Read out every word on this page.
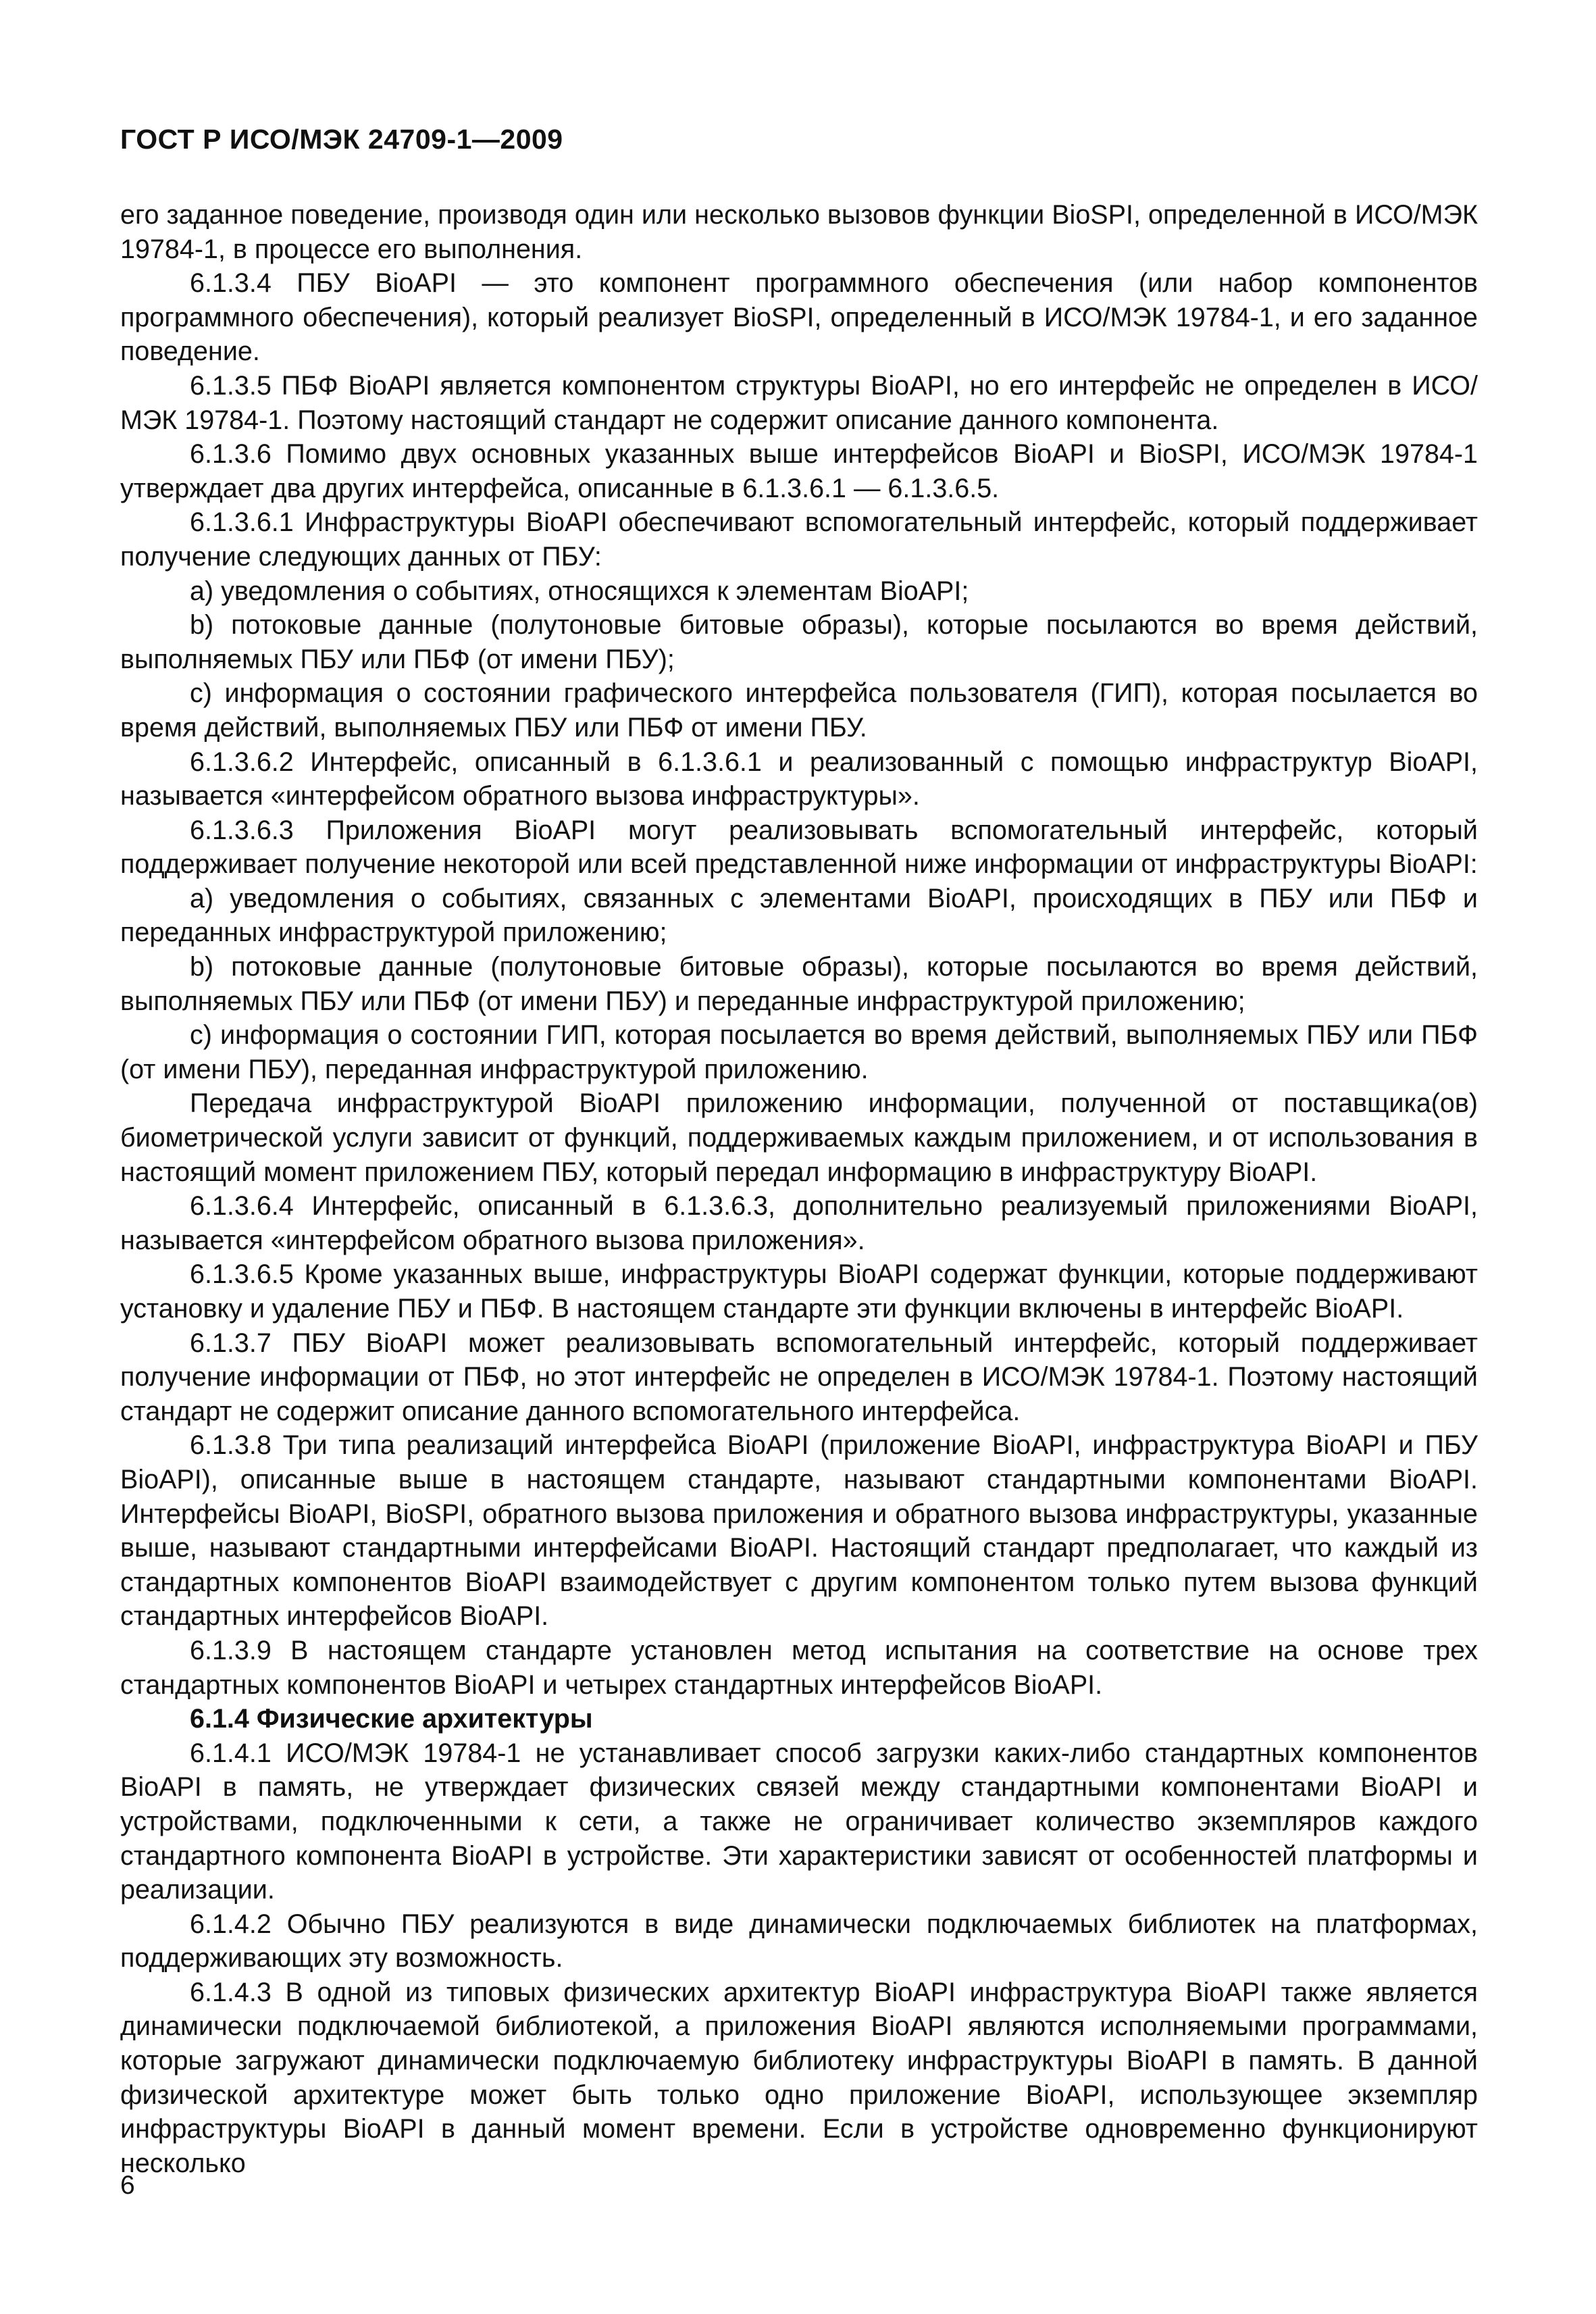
ГОСТ Р ИСО/МЭК 24709-1—2009

его заданное поведение, производя один или несколько вызовов функции BioSPI, определенной в ИСО/МЭК 19784-1, в процессе его выполнения.

6.1.3.4 ПБУ BioAPI — это компонент программного обеспечения (или набор компонентов программного обеспечения), который реализует BioSPI, определенный в ИСО/МЭК 19784-1, и его заданное поведение.

6.1.3.5 ПБФ BioAPI является компонентом структуры BioAPI, но его интерфейс не определен в ИСО/МЭК 19784-1. Поэтому настоящий стандарт не содержит описание данного компонента.

6.1.3.6 Помимо двух основных указанных выше интерфейсов BioAPI и BioSPI, ИСО/МЭК 19784-1 утверждает два других интерфейса, описанные в 6.1.3.6.1 — 6.1.3.6.5.

6.1.3.6.1 Инфраструктуры BioAPI обеспечивают вспомогательный интерфейс, который поддерживает получение следующих данных от ПБУ:

a) уведомления о событиях, относящихся к элементам BioAPI;

b) потоковые данные (полутоновые битовые образы), которые посылаются во время действий, выполняемых ПБУ или ПБФ (от имени ПБУ);

c) информация о состоянии графического интерфейса пользователя (ГИП), которая посылается во время действий, выполняемых ПБУ или ПБФ от имени ПБУ.

6.1.3.6.2 Интерфейс, описанный в 6.1.3.6.1 и реализованный с помощью инфраструктур BioAPI, называется «интерфейсом обратного вызова инфраструктуры».

6.1.3.6.3 Приложения BioAPI могут реализовывать вспомогательный интерфейс, который поддерживает получение некоторой или всей представленной ниже информации от инфраструктуры BioAPI:

a) уведомления о событиях, связанных с элементами BioAPI, происходящих в ПБУ или ПБФ и переданных инфраструктурой приложению;

b) потоковые данные (полутоновые битовые образы), которые посылаются во время действий, выполняемых ПБУ или ПБФ (от имени ПБУ) и переданные инфраструктурой приложению;

c) информация о состоянии ГИП, которая посылается во время действий, выполняемых ПБУ или ПБФ (от имени ПБУ), переданная инфраструктурой приложению.

Передача инфраструктурой BioAPI приложению информации, полученной от поставщика(ов) биометрической услуги зависит от функций, поддерживаемых каждым приложением, и от использования в настоящий момент приложением ПБУ, который передал информацию в инфраструктуру BioAPI.

6.1.3.6.4 Интерфейс, описанный в 6.1.3.6.3, дополнительно реализуемый приложениями BioAPI, называется «интерфейсом обратного вызова приложения».

6.1.3.6.5 Кроме указанных выше, инфраструктуры BioAPI содержат функции, которые поддерживают установку и удаление ПБУ и ПБФ. В настоящем стандарте эти функции включены в интерфейс BioAPI.

6.1.3.7 ПБУ BioAPI может реализовывать вспомогательный интерфейс, который поддерживает получение информации от ПБФ, но этот интерфейс не определен в ИСО/МЭК 19784-1. Поэтому настоящий стандарт не содержит описание данного вспомогательного интерфейса.

6.1.3.8 Три типа реализаций интерфейса BioAPI (приложение BioAPI, инфраструктура BioAPI и ПБУ BioAPI), описанные выше в настоящем стандарте, называют стандартными компонентами BioAPI. Интерфейсы BioAPI, BioSPI, обратного вызова приложения и обратного вызова инфраструктуры, указанные выше, называют стандартными интерфейсами BioAPI. Настоящий стандарт предполагает, что каждый из стандартных компонентов BioAPI взаимодействует с другим компонентом только путем вызова функций стандартных интерфейсов BioAPI.

6.1.3.9 В настоящем стандарте установлен метод испытания на соответствие на основе трех стандартных компонентов BioAPI и четырех стандартных интерфейсов BioAPI.

6.1.4 Физические архитектуры

6.1.4.1 ИСО/МЭК 19784-1 не устанавливает способ загрузки каких-либо стандартных компонентов BioAPI в память, не утверждает физических связей между стандартными компонентами BioAPI и устройствами, подключенными к сети, а также не ограничивает количество экземпляров каждого стандартного компонента BioAPI в устройстве. Эти характеристики зависят от особенностей платформы и реализации.

6.1.4.2 Обычно ПБУ реализуются в виде динамически подключаемых библиотек на платформах, поддерживающих эту возможность.

6.1.4.3 В одной из типовых физических архитектур BioAPI инфраструктура BioAPI также является динамически подключаемой библиотекой, а приложения BioAPI являются исполняемыми программами, которые загружают динамически подключаемую библиотеку инфраструктуры BioAPI в память. В данной физической архитектуре может быть только одно приложение BioAPI, использующее экземпляр инфраструктуры BioAPI в данный момент времени. Если в устройстве одновременно функционируют несколько

6
